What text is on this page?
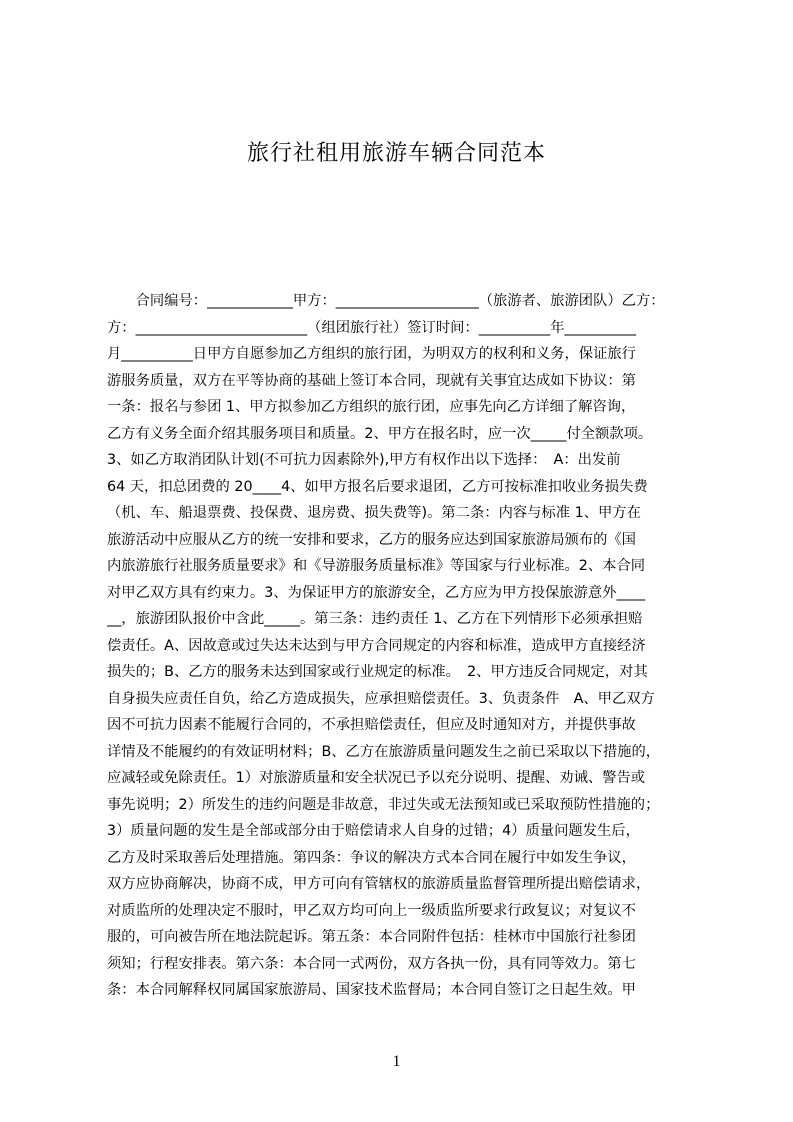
旅行社租用旅游车辆合同范本
　　合同编号：____________甲方：____________________（旅游者、旅游团队）乙方：
方：________________________（组团旅行社）签订时间：__________年__________
月__________日甲方自愿参加乙方组织的旅行团，为明双方的权利和义务，保证旅行
游服务质量，双方在平等协商的基础上签订本合同，现就有关事宜达成如下协议：第
一条：报名与参团 1、甲方拟参加乙方组织的旅行团，应事先向乙方详细了解咨询，
乙方有义务全面介绍其服务项目和质量。2、甲方在报名时，应一次_____付全额款项。
3、如乙方取消团队计划(不可抗力因素除外),甲方有权作出以下选择：　A：出发前
64 天，扣总团费的 20____4、如甲方报名后要求退团，乙方可按标准扣收业务损失费
（机、车、船退票费、投保费、退房费、损失费等)。第二条：内容与标准 1、甲方在
旅游活动中应服从乙方的统一安排和要求，乙方的服务应达到国家旅游局颁布的《国
内旅游旅行社服务质量要求》和《导游服务质量标准》等国家与行业标准。2、本合同
对甲乙双方具有约束力。3、为保证甲方的旅游安全，乙方应为甲方投保旅游意外____
__，旅游团队报价中含此_____。第三条：违约责任 1、乙方在下列情形下必须承担赔
偿责任。A、因故意或过失达未达到与甲方合同规定的内容和标准，造成甲方直接经济
损失的；B、乙方的服务未达到国家或行业规定的标准。　2、甲方违反合同规定，对其
自身损失应责任自负，给乙方造成损失，应承担赔偿责任。3、负责条件　A、甲乙双方
因不可抗力因素不能履行合同的，不承担赔偿责任，但应及时通知对方，并提供事故
详情及不能履约的有效证明材料；B、乙方在旅游质量问题发生之前已采取以下措施的，
应减轻或免除责任。1）对旅游质量和安全状况已予以充分说明、提醒、劝诫、警告或
事先说明；2）所发生的违约问题是非故意，非过失或无法预知或已采取预防性措施的；
3）质量问题的发生是全部或部分由于赔偿请求人自身的过错；4）质量问题发生后，
乙方及时采取善后处理措施。第四条：争议的解决方式本合同在履行中如发生争议，
双方应协商解决，协商不成，甲方可向有管辖权的旅游质量监督管理所提出赔偿请求，
对质监所的处理决定不服时，甲乙双方均可向上一级质监所要求行政复议；对复议不
服的，可向被告所在地法院起诉。第五条：本合同附件包括：桂林市中国旅行社参团
须知；行程安排表。第六条：本合同一式两份，双方各执一份，具有同等效力。第七
条：本合同解释权同属国家旅游局、国家技术监督局；本合同自签订之日起生效。甲
1
